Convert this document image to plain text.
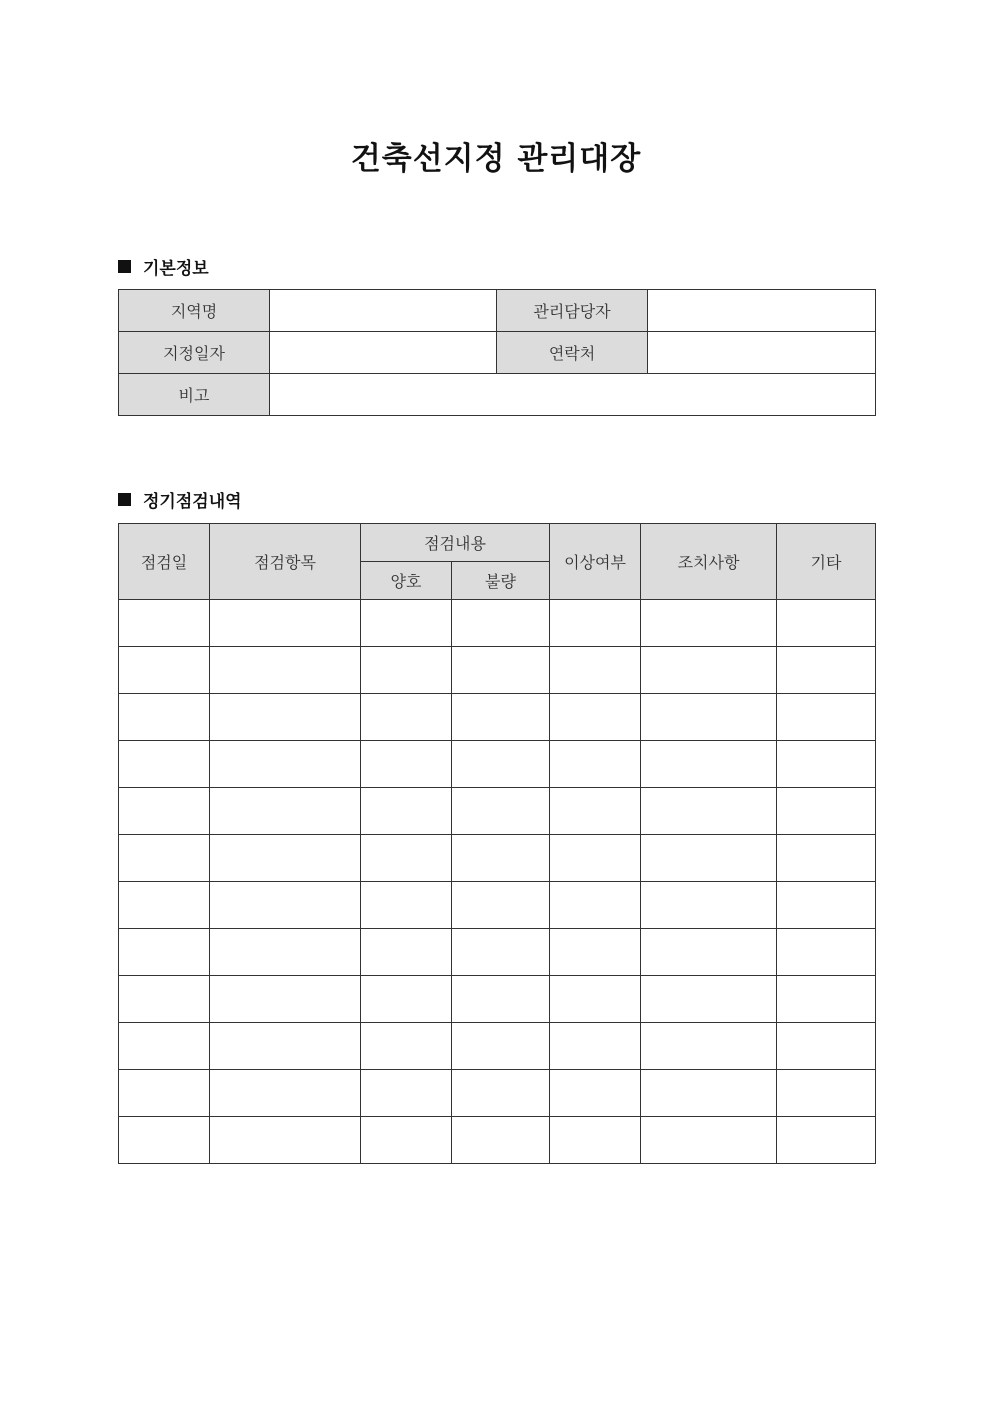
건축선지정 관리대장
기본정보
지역명		관리담당자	
지정일자		연락처	
비고			
정기점검내역
점검일	점검항목	점검내용		이상여부	조치사항	기타
		양호	불량			
